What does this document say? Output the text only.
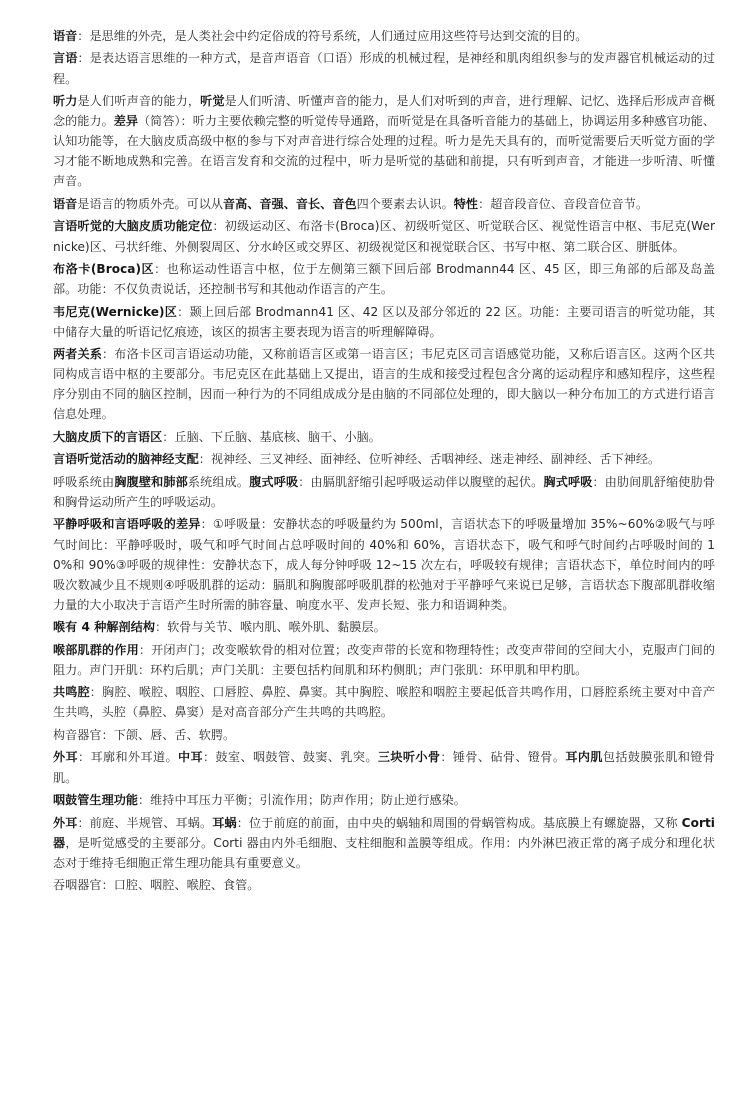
语音：是思维的外壳，是人类社会中约定俗成的符号系统，人们通过应用这些符号达到交流的目的。

言语：是表达语言思维的一种方式，是音声语音（口语）形成的机械过程，是神经和肌肉组织参与的发声器官机械运动的过程。

听力是人们听声音的能力，听觉是人们听清、听懂声音的能力，是人们对听到的声音，进行理解、记忆、选择后形成声音概念的能力。差异（简答）：听力主要依赖完整的听觉传导通路，而听觉是在具备听音能力的基础上，协调运用多种感官功能、认知功能等，在大脑皮质高级中枢的参与下对声音进行综合处理的过程。听力是先天具有的，而听觉需要后天听觉方面的学习才能不断地成熟和完善。在语言发育和交流的过程中，听力是听觉的基础和前提，只有听到声音，才能进一步听清、听懂声音。

语音是语言的物质外壳。可以从音高、音强、音长、音色四个要素去认识。特性：超音段音位、音段音位音节。

言语听觉的大脑皮质功能定位：初级运动区、布洛卡(Broca)区、初级听觉区、听觉联合区、视觉性语言中枢、韦尼克(Wernicke)区、弓状纤维、外侧裂周区、分水岭区或交界区、初级视觉区和视觉联合区、书写中枢、第二联合区、胼胝体。

布洛卡(Broca)区：也称运动性语言中枢，位于左侧第三额下回后部 Brodmann44 区、45 区，即三角部的后部及岛盖部。功能：不仅负责说话，还控制书写和其他动作语言的产生。

韦尼克(Wernicke)区：颞上回后部 Brodmann41 区、42 区以及部分邻近的 22 区。功能：主要司语言的听觉功能，其中储存大量的听语记忆痕迹，该区的损害主要表现为语言的听理解障碍。

两者关系：布洛卡区司言语运动功能，又称前语言区或第一语言区；韦尼克区司言语感觉功能，又称后语言区。这两个区共同构成言语中枢的主要部分。韦尼克区在此基础上又提出，语言的生成和接受过程包含分离的运动程序和感知程序，这些程序分别由不同的脑区控制，因而一种行为的不同组成成分是由脑的不同部位处理的，即大脑以一种分布加工的方式进行语言信息处理。

大脑皮质下的言语区：丘脑、下丘脑、基底核、脑干、小脑。

言语听觉活动的脑神经支配：视神经、三叉神经、面神经、位听神经、舌咽神经、迷走神经、副神经、舌下神经。

呼吸系统由胸腹壁和肺部系统组成。腹式呼吸：由膈肌舒缩引起呼吸运动伴以腹壁的起伏。胸式呼吸：由肋间肌舒缩使肋骨和胸骨运动所产生的呼吸运动。

平静呼吸和言语呼吸的差异：①呼吸量：安静状态的呼吸量约为 500ml，言语状态下的呼吸量增加 35%~60%②吸气与呼气时间比：平静呼吸时，吸气和呼气时间占总呼吸时间的 40%和 60%，言语状态下，吸气和呼气时间约占呼吸时间的 10%和 90%③呼吸的规律性：安静状态下，成人每分钟呼吸 12~15 次左右，呼吸较有规律；言语状态下，单位时间内的呼吸次数减少且不规则④呼吸肌群的运动：膈肌和胸腹部呼吸肌群的松弛对于平静呼气来说已足够，言语状态下腹部肌群收缩力量的大小取决于言语产生时所需的肺容量、响度水平、发声长短、张力和语调种类。

喉有 4 种解剖结构：软骨与关节、喉内肌、喉外肌、黏膜层。

喉部肌群的作用：开闭声门；改变喉软骨的相对位置；改变声带的长宽和物理特性；改变声带间的空间大小，克服声门间的阻力。声门开肌：环杓后肌；声门关肌：主要包括杓间肌和环杓侧肌；声门张肌：环甲肌和甲杓肌。

共鸣腔：胸腔、喉腔、咽腔、口唇腔、鼻腔、鼻窦。其中胸腔、喉腔和咽腔主要起低音共鸣作用，口唇腔系统主要对中音产生共鸣，头腔（鼻腔、鼻窦）是对高音部分产生共鸣的共鸣腔。

构音器官：下颌、唇、舌、软腭。

外耳：耳廓和外耳道。中耳：鼓室、咽鼓管、鼓窦、乳突。三块听小骨：锤骨、砧骨、镫骨。耳内肌包括鼓膜张肌和镫骨肌。

咽鼓管生理功能：维持中耳压力平衡；引流作用；防声作用；防止逆行感染。

外耳：前庭、半规管、耳蜗。耳蜗：位于前庭的前面，由中央的蜗轴和周围的骨蜗管构成。基底膜上有螺旋器，又称 Corti 器，是听觉感受的主要部分。Corti 器由内外毛细胞、支柱细胞和盖膜等组成。作用：内外淋巴液正常的离子成分和理化状态对于维持毛细胞正常生理功能具有重要意义。

吞咽器官：口腔、咽腔、喉腔、食管。
